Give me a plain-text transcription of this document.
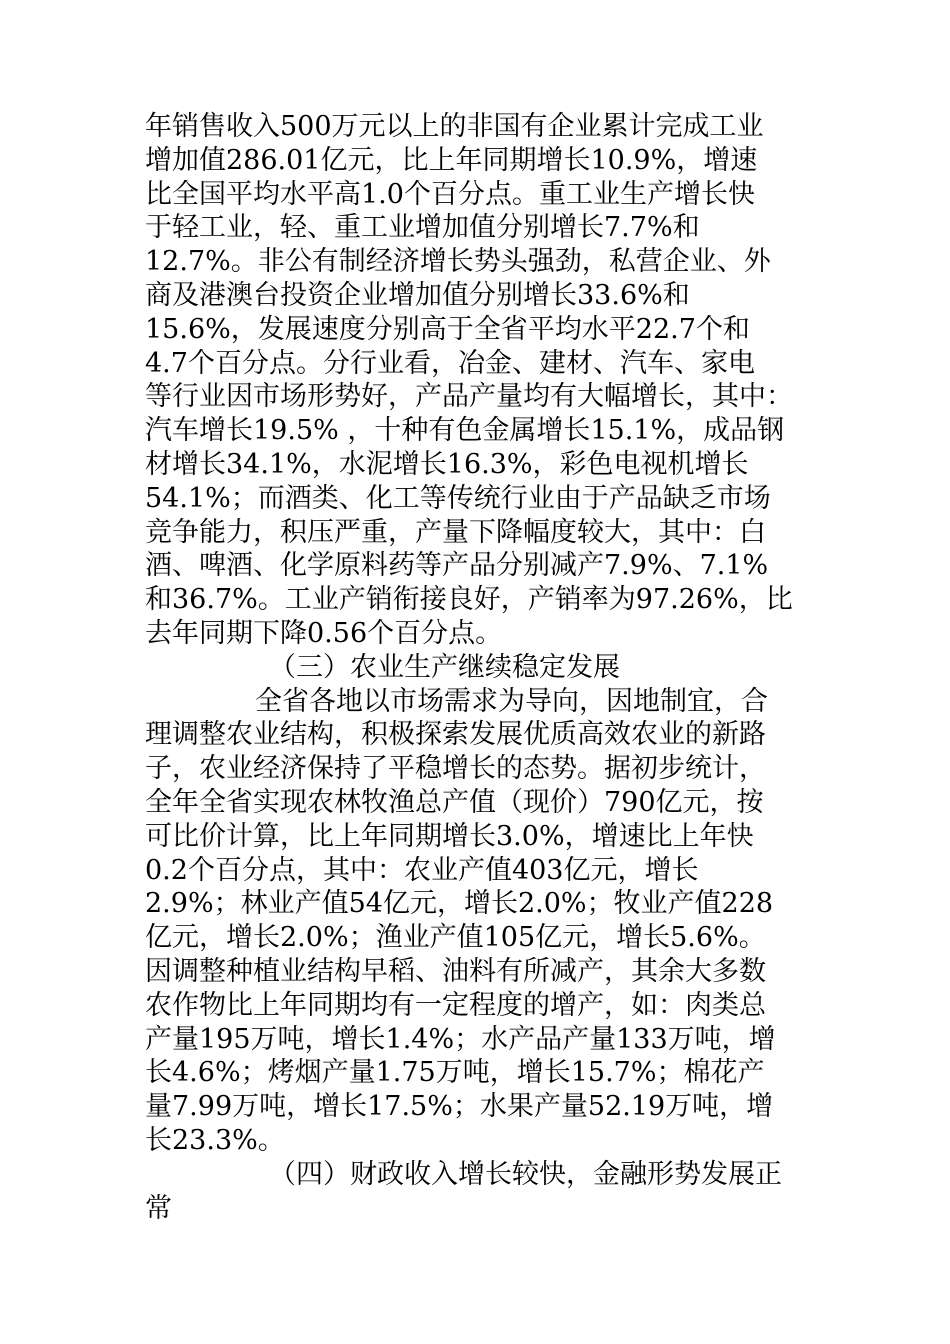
年销售收入500万元以上的非国有企业累计完成工业
增加值286.01亿元，比上年同期增长10.9%，增速
比全国平均水平高1.0个百分点。重工业生产增长快
于轻工业，轻、重工业增加值分别增长7.7%和
12.7%。非公有制经济增长势头强劲，私营企业、外
商及港澳台投资企业增加值分别增长33.6%和
15.6%，发展速度分别高于全省平均水平22.7个和
4.7个百分点。分行业看，冶金、建材、汽车、家电
等行业因市场形势好，产品产量均有大幅增长，其中：
汽车增长19.5% ，十种有色金属增长15.1%，成品钢
材增长34.1%，水泥增长16.3%，彩色电视机增长
54.1%；而酒类、化工等传统行业由于产品缺乏市场
竞争能力，积压严重，产量下降幅度较大，其中：白
酒、啤酒、化学原料药等产品分别减产7.9%、7.1%
和36.7%。工业产销衔接良好，产销率为97.26%，比
去年同期下降0.56个百分点。
（三）农业生产继续稳定发展
全省各地以市场需求为导向，因地制宜，合
理调整农业结构，积极探索发展优质高效农业的新路
子，农业经济保持了平稳增长的态势。据初步统计，
全年全省实现农林牧渔总产值（现价）790亿元，按
可比价计算，比上年同期增长3.0%，增速比上年快
0.2个百分点，其中：农业产值403亿元，增长
2.9%；林业产值54亿元，增长2.0%；牧业产值228
亿元，增长2.0%；渔业产值105亿元，增长5.6%。
因调整种植业结构早稻、油料有所减产，其余大多数
农作物比上年同期均有一定程度的增产，如：肉类总
产量195万吨，增长1.4%；水产品产量133万吨，增
长4.6%；烤烟产量1.75万吨，增长15.7%；棉花产
量7.99万吨，增长17.5%；水果产量52.19万吨，增
长23.3%。
（四）财政收入增长较快，金融形势发展正
常
